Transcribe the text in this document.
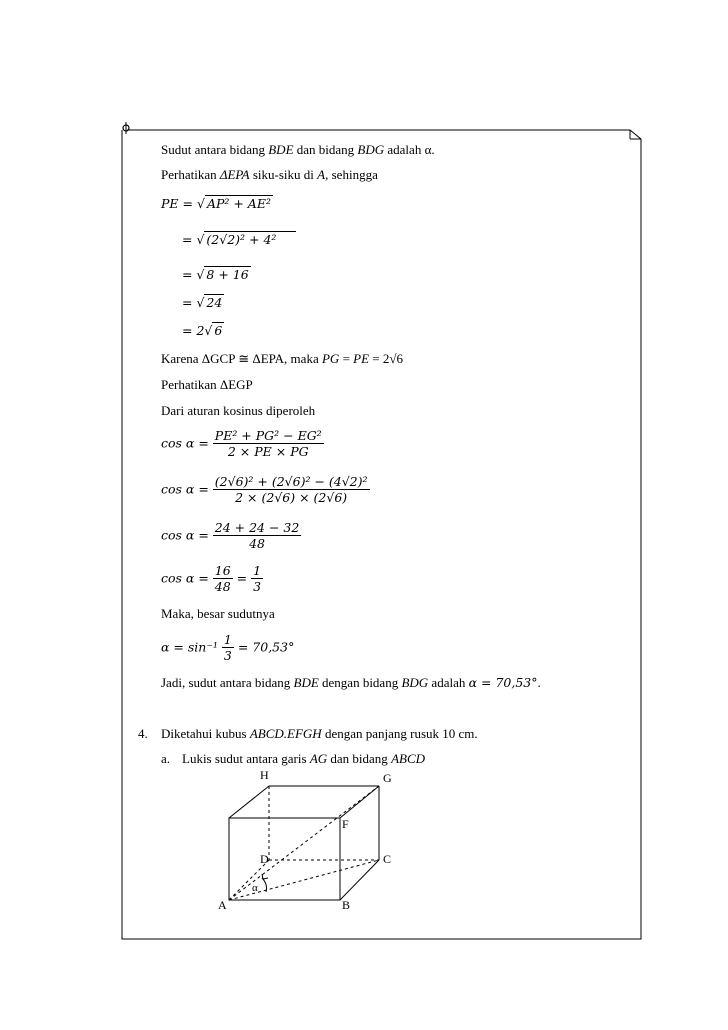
Sudut antara bidang BDE dan bidang BDG adalah α.
Perhatikan ΔEPA siku-siku di A, sehingga
PE = √ AP² + AE²
= √ (2√2)² + 4²
= √ 8 + 16
= √ 24
= 2√ 6
Karena ΔGCP ≅ ΔEPA, maka PG = PE = 2√6
Perhatikan ΔEGP
Dari aturan kosinus diperoleh
$\cos \alpha = \frac{\text{PE² + PG² − EG²}}{2 \times PE \times PG}$
$\cos \alpha = \frac{\text{(2√6)² + (2√6)² − (4√2)²}}{2 \times (2√6) \times (2√6)}$
$\cos \alpha = \frac{24 + 24 - 32}{48}$
$\cos \alpha = \frac{16}{48} = \frac{1}{3}$
Maka, besar sudutnya
$\alpha = \sin^{-1} \frac{1}{3} = 70,53^\circ$
Jadi, sudut antara bidang BDE dengan bidang BDG adalah α = 70,53°.
4. Diketahui kubus ABCD.EFGH dengan panjang rusuk 10 cm.
a. Lukis sudut antara garis AG dan bidang ABCD
H	G
F
D	C
A	B
α
